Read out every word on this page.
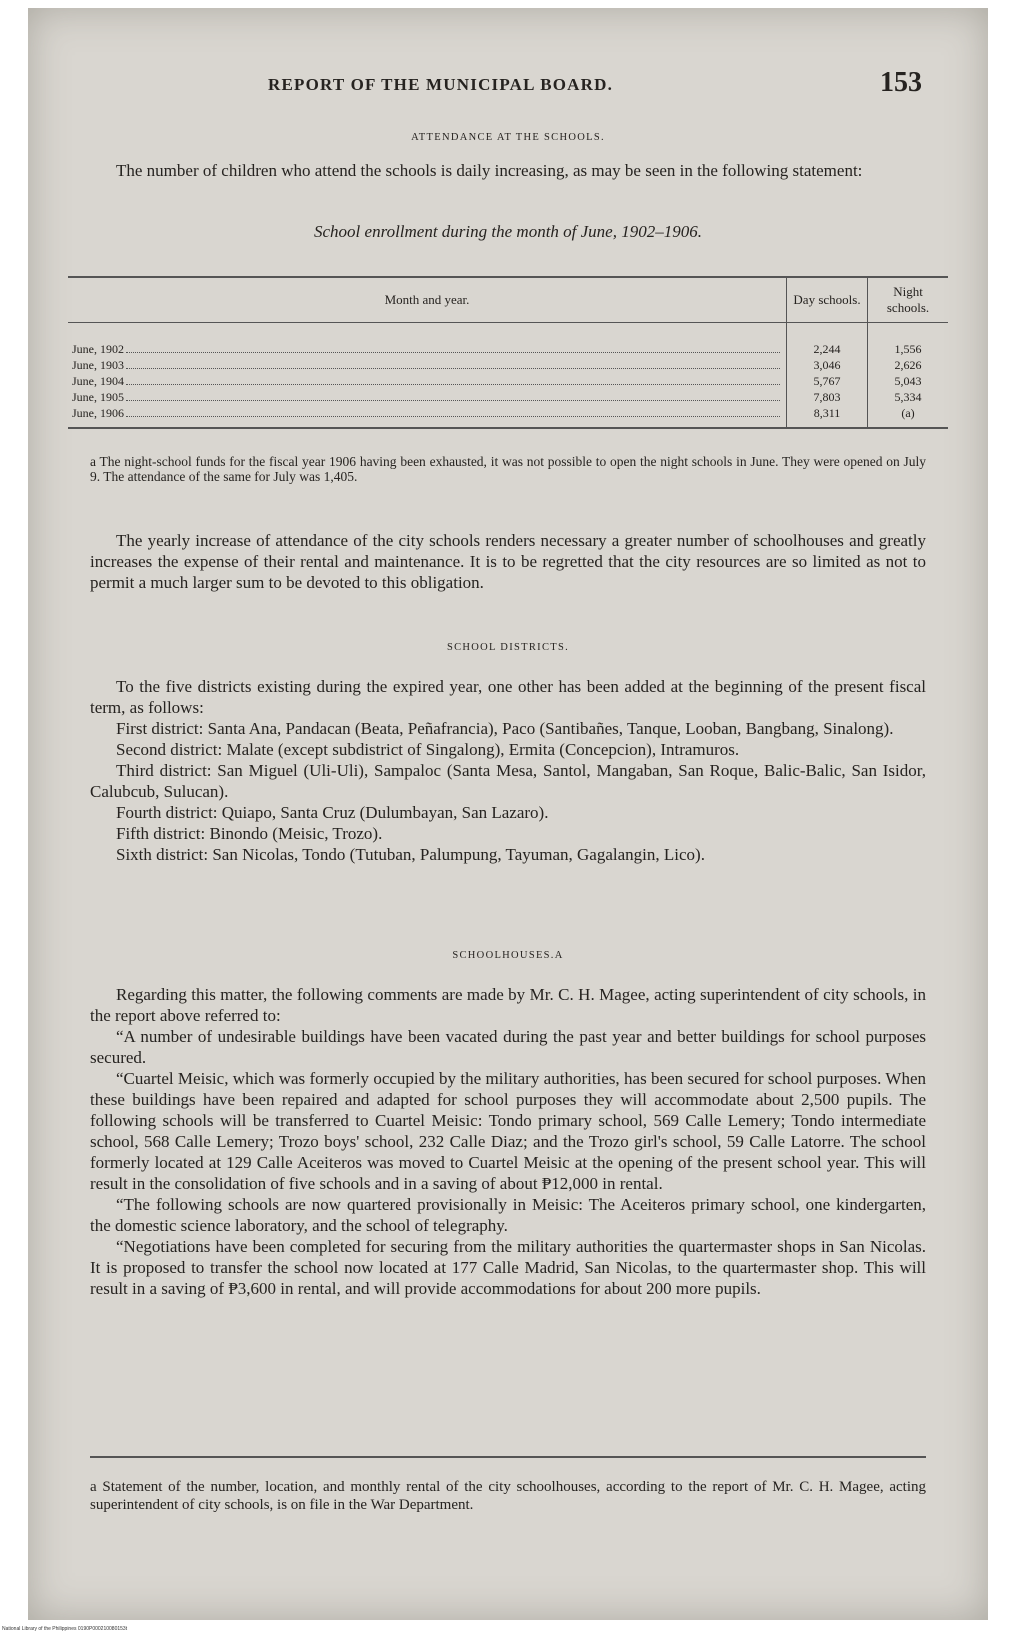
REPORT OF THE MUNICIPAL BOARD.	153
ATTENDANCE AT THE SCHOOLS.

The number of children who attend the schools is daily increasing, as may be seen in the following statement:

School enrollment during the month of June, 1902–1906.
Month and year.	Day schools.	Night schools.

June, 1902	2,244	1,556

June, 1903	3,046	2,626

June, 1904	5,767	5,043

June, 1905	7,803	5,334

June, 1906	8,311	(a)

a The night-school funds for the fiscal year 1906 having been exhausted, it was not possible to open the night schools in June. They were opened on July 9. The attendance of the same for July was 1,405.

The yearly increase of attendance of the city schools renders necessary a greater number of schoolhouses and greatly increases the expense of their rental and maintenance. It is to be regretted that the city resources are so limited as not to permit a much larger sum to be devoted to this obligation.

SCHOOL DISTRICTS.

To the five districts existing during the expired year, one other has been added at the beginning of the present fiscal term, as follows:

First district: Santa Ana, Pandacan (Beata, Peñafrancia), Paco (Santibañes, Tanque, Looban, Bangbang, Sinalong).

Second district: Malate (except subdistrict of Singalong), Ermita (Concepcion), Intramuros.

Third district: San Miguel (Uli-Uli), Sampaloc (Santa Mesa, Santol, Mangaban, San Roque, Balic-Balic, San Isidor, Calubcub, Sulucan).

Fourth district: Quiapo, Santa Cruz (Dulumbayan, San Lazaro).

Fifth district: Binondo (Meisic, Trozo).

Sixth district: San Nicolas, Tondo (Tutuban, Palumpung, Tayuman, Gagalangin, Lico).

SCHOOLHOUSES.A

Regarding this matter, the following comments are made by Mr. C. H. Magee, acting superintendent of city schools, in the report above referred to:

“A number of undesirable buildings have been vacated during the past year and better buildings for school purposes secured.

“Cuartel Meisic, which was formerly occupied by the military authorities, has been secured for school purposes. When these buildings have been repaired and adapted for school purposes they will accommodate about 2,500 pupils. The following schools will be transferred to Cuartel Meisic: Tondo primary school, 569 Calle Lemery; Tondo intermediate school, 568 Calle Lemery; Trozo boys' school, 232 Calle Diaz; and the Trozo girl's school, 59 Calle Latorre. The school formerly located at 129 Calle Aceiteros was moved to Cuartel Meisic at the opening of the present school year. This will result in the consolidation of five schools and in a saving of about ₱12,000 in rental.

“The following schools are now quartered provisionally in Meisic: The Aceiteros primary school, one kindergarten, the domestic science laboratory, and the school of telegraphy.

“Negotiations have been completed for securing from the military authorities the quartermaster shops in San Nicolas. It is proposed to transfer the school now located at 177 Calle Madrid, San Nicolas, to the quartermaster shop. This will result in a saving of ₱3,600 in rental, and will provide accommodations for about 200 more pupils.

a Statement of the number, location, and monthly rental of the city schoolhouses, according to the report of Mr. C. H. Magee, acting superintendent of city schools, is on file in the War Department.

National Library of the Philippines 0190P000210080153t
